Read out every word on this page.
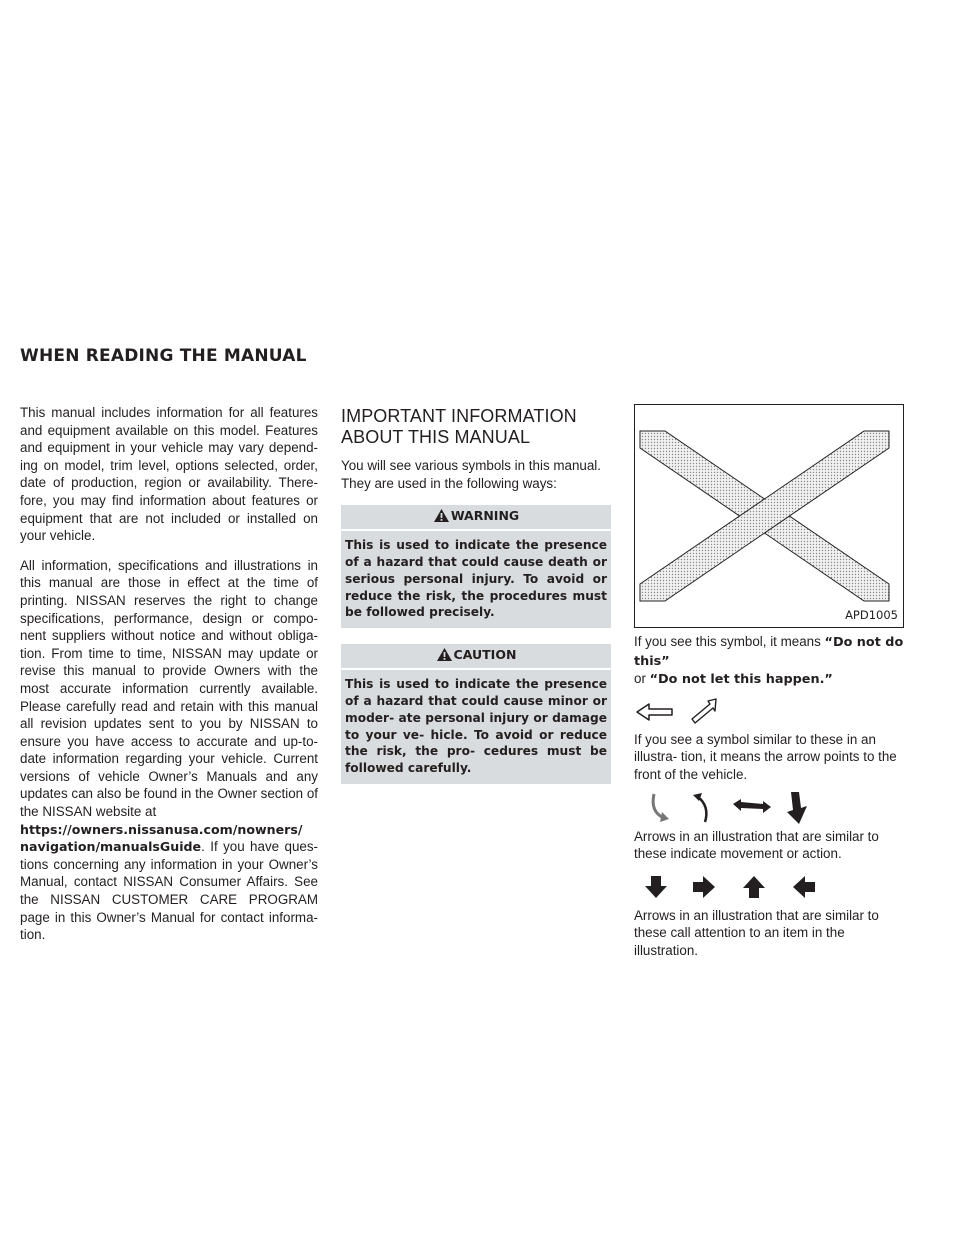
WHEN READING THE MANUAL

This manual includes information for all features and equipment available on this model. Features and equipment in your vehicle may vary depend- ing on model, trim level, options selected, order, date of production, region or availability. There- fore, you may find information about features or equipment that are not included or installed on your vehicle.

All information, specifications and illustrations in this manual are those in effect at the time of printing. NISSAN reserves the right to change specifications, performance, design or compo- nent suppliers without notice and without obliga- tion. From time to time, NISSAN may update or revise this manual to provide Owners with the most accurate information currently available. Please carefully read and retain with this manual all revision updates sent to you by NISSAN to ensure you have access to accurate and up-to- date information regarding your vehicle. Current versions of vehicle Owner’s Manuals and any updates can also be found in the Owner section of the NISSAN website at
https://owners.nissanusa.com/nowners/
navigation/manualsGuide. If you have ques- tions concerning any information in your Owner’s Manual, contact NISSAN Consumer Affairs. See the NISSAN CUSTOMER CARE PROGRAM page in this Owner’s Manual for contact informa- tion.

IMPORTANT INFORMATION ABOUT THIS MANUAL

You will see various symbols in this manual. They are used in the following ways:

WARNING
This is used to indicate the presence of a hazard that could cause death or serious personal injury. To avoid or reduce the risk, the procedures must be followed precisely.
CAUTION
This is used to indicate the presence of a hazard that could cause minor or moder- ate personal injury or damage to your ve- hicle. To avoid or reduce the risk, the pro- cedures must be followed carefully.
APD1005

If you see this symbol, it means “Do not do this”
or “Do not let this happen.”

If you see a symbol similar to these in an illustra- tion, it means the arrow points to the front of the vehicle.

Arrows in an illustration that are similar to these indicate movement or action.

Arrows in an illustration that are similar to these call attention to an item in the illustration.
